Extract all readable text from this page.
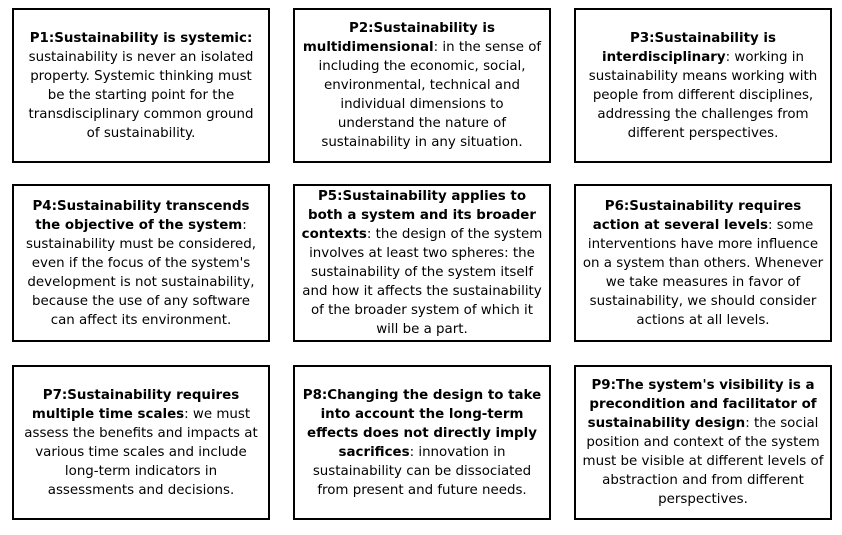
P1:Sustainability is systemic: sustainability is never an isolated property. Systemic thinking must be the starting point for the transdisciplinary common ground of sustainability.

P2:Sustainability is multidimensional: in the sense of including the economic, social, environmental, technical and individual dimensions to understand the nature of sustainability in any situation.

P3:Sustainability is interdisciplinary: working in sustainability means working with people from different disciplines, addressing the challenges from different perspectives.

P4:Sustainability transcends the objective of the system: sustainability must be considered, even if the focus of the system's development is not sustainability, because the use of any software can affect its environment.

P5:Sustainability applies to both a system and its broader contexts: the design of the system involves at least two spheres: the sustainability of the system itself and how it affects the sustainability of the broader system of which it will be a part.

P6:Sustainability requires action at several levels: some interventions have more influence on a system than others. Whenever we take measures in favor of sustainability, we should consider actions at all levels.

P7:Sustainability requires multiple time scales: we must assess the benefits and impacts at various time scales and include long-term indicators in assessments and decisions.

P8:Changing the design to take into account the long-term effects does not directly imply sacrifices: innovation in sustainability can be dissociated from present and future needs.

P9:The system's visibility is a precondition and facilitator of sustainability design: the social position and context of the system must be visible at different levels of abstraction and from different perspectives.
